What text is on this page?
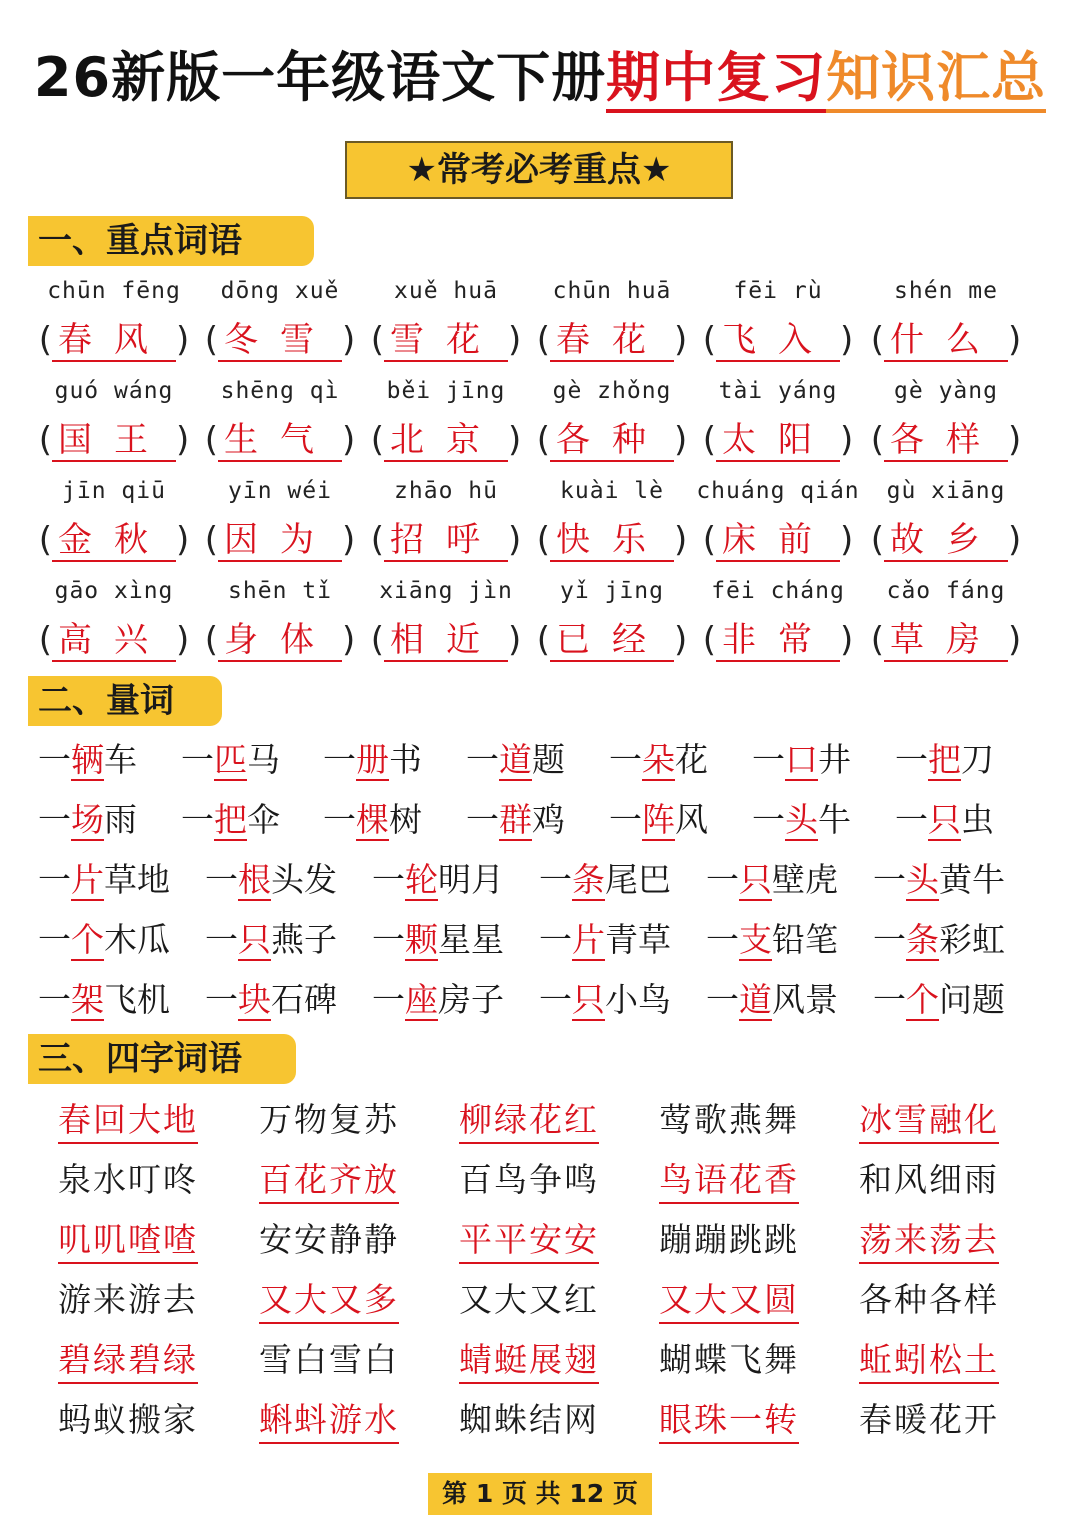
26新版一年级语文下册期中复习知识汇总
★常考必考重点★
一、重点词语
chūn fēng
( 春风 )
dōng xuě
( 冬雪 )
xuě huā
( 雪花 )
chūn huā
( 春花 )
fēi rù
( 飞入 )
shén me
( 什么 )
guó wáng
( 国王 )
shēng qì
( 生气 )
běi jīng
( 北京 )
gè zhǒng
( 各种 )
tài yáng
( 太阳 )
gè yàng
( 各样 )
jīn qiū
( 金秋 )
yīn wéi
( 因为 )
zhāo hū
( 招呼 )
kuài lè
( 快乐 )
chuáng qián
( 床前 )
gù xiāng
( 故乡 )
gāo xìng
( 高兴 )
shēn tǐ
( 身体 )
xiāng jìn
( 相近 )
yǐ jīng
( 已经 )
fēi cháng
( 非常 )
cǎo fáng
( 草房 )
二、量词
一辆车 一匹马 一册书 一道题 一朵花 一口井 一把刀
一场雨 一把伞 一棵树 一群鸡 一阵风 一头牛 一只虫
一片草地 一根头发 一轮明月 一条尾巴 一只壁虎 一头黄牛
一个木瓜 一只燕子 一颗星星 一片青草 一支铅笔 一条彩虹
一架飞机 一块石碑 一座房子 一只小鸟 一道风景 一个问题
三、四字词语
春回大地 万物复苏 柳绿花红 莺歌燕舞 冰雪融化
泉水叮咚 百花齐放 百鸟争鸣 鸟语花香 和风细雨
叽叽喳喳 安安静静 平平安安 蹦蹦跳跳 荡来荡去
游来游去 又大又多 又大又红 又大又圆 各种各样
碧绿碧绿 雪白雪白 蜻蜓展翅 蝴蝶飞舞 蚯蚓松土
蚂蚁搬家 蝌蚪游水 蜘蛛结网 眼珠一转 春暖花开
第 1 页 共 12 页
